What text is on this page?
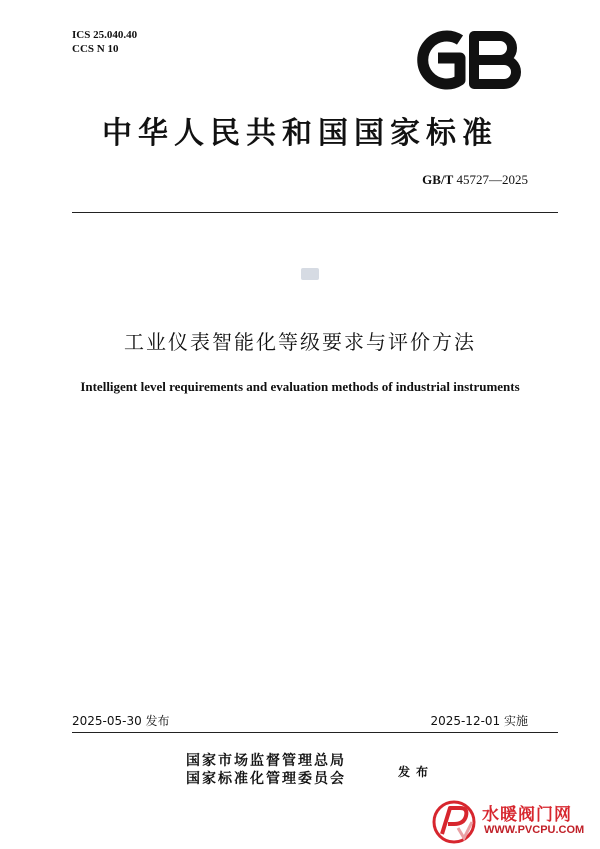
ICS 25.040.40
CCS N 10
中华人民共和国国家标准
GB/T 45727—2025
工业仪表智能化等级要求与评价方法
Intelligent level requirements and evaluation methods of industrial instruments
2025-05-30 发布	2025-12-01 实施
国家市场监督管理总局
国家标准化管理委员会	发布
水暖阀门网
WWW.PVCPU.COM
